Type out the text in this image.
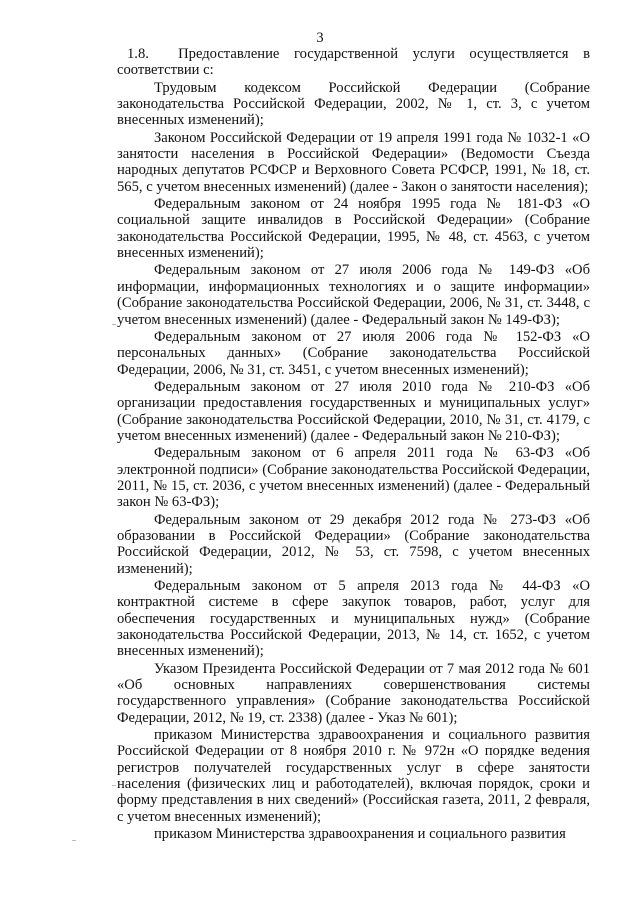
3

1.8. Предоставление государственной услуги осуществляется в соответствии с:

Трудовым кодексом Российской Федерации (Собрание законодательства Российской Федерации, 2002, № 1, ст. 3, с учетом внесенных изменений);

Законом Российской Федерации от 19 апреля 1991 года № 1032-1 «О занятости населения в Российской Федерации» (Ведомости Съезда народных депутатов РСФСР и Верховного Совета РСФСР, 1991, № 18, ст. 565, с учетом внесенных изменений) (далее - Закон о занятости населения);

Федеральным законом от 24 ноября 1995 года № 181-ФЗ «О социальной защите инвалидов в Российской Федерации» (Собрание законодательства Российской Федерации, 1995, № 48, ст. 4563, с учетом внесенных изменений);

Федеральным законом от 27 июля 2006 года № 149-ФЗ «Об информации, информационных технологиях и о защите информации» (Собрание законодательства Российской Федерации, 2006, № 31, ст. 3448, с учетом внесенных изменений) (далее - Федеральный закон № 149-ФЗ);

Федеральным законом от 27 июля 2006 года № 152-ФЗ «О персональных данных» (Собрание законодательства Российской Федерации, 2006, № 31, ст. 3451, с учетом внесенных изменений);

Федеральным законом от 27 июля 2010 года № 210-ФЗ «Об организации предоставления государственных и муниципальных услуг» (Собрание законодательства Российской Федерации, 2010, № 31, ст. 4179, с учетом внесенных изменений) (далее - Федеральный закон № 210-ФЗ);

Федеральным законом от 6 апреля 2011 года № 63-ФЗ «Об электронной подписи» (Собрание законодательства Российской Федерации, 2011, № 15, ст. 2036, с учетом внесенных изменений) (далее - Федеральный закон № 63-ФЗ);

Федеральным законом от 29 декабря 2012 года № 273-ФЗ «Об образовании в Российской Федерации» (Собрание законодательства Российской Федерации, 2012, № 53, ст. 7598, с учетом внесенных изменений);

Федеральным законом от 5 апреля 2013 года № 44-ФЗ «О контрактной системе в сфере закупок товаров, работ, услуг для обеспечения государственных и муниципальных нужд» (Собрание законодательства Российской Федерации, 2013, № 14, ст. 1652, с учетом внесенных изменений);

Указом Президента Российской Федерации от 7 мая 2012 года № 601 «Об основных направлениях совершенствования системы государственного управления» (Собрание законодательства Российской Федерации, 2012, № 19, ст. 2338) (далее - Указ № 601);

приказом Министерства здравоохранения и социального развития Российской Федерации от 8 ноября 2010 г. № 972н «О порядке ведения регистров получателей государственных услуг в сфере занятости населения (физических лиц и работодателей), включая порядок, сроки и форму представления в них сведений» (Российская газета, 2011, 2 февраля, с учетом внесенных изменений);

приказом Министерства здравоохранения и социального развития
